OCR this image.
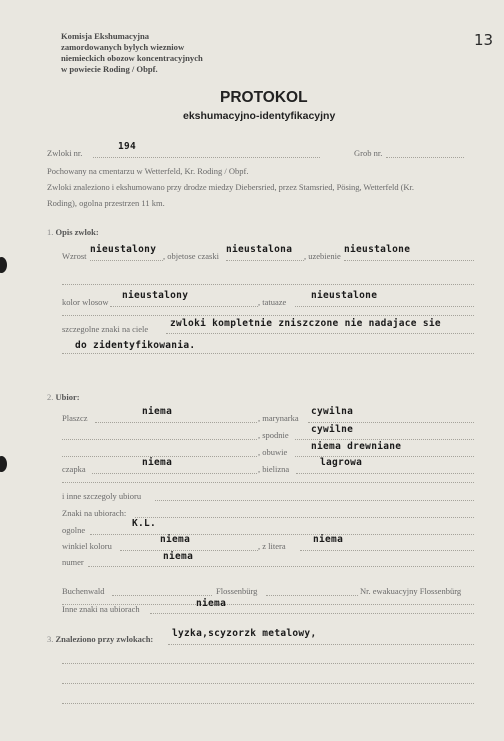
Komisja Ekshumacyjna
zamordowanych bylych wiezniow
niemieckich obozow koncentracyjnych
w powiecie Roding / Obpf.
13
PROTOKOL
ekshumacyjno-identyfikacyjny
Zwloki nr.
194
Grob nr.
Pochowany na cmentarzu w Wetterfeld, Kr. Roding / Obpf.
Zwloki znaleziono i ekshumowano przy drodze miedzy Diebersried, przez Stamsried, Pösing, Wetterfeld (Kr.
Roding), ogolna przestrzen 11 km.
1. Opis zwlok:
Wzrost
nieustalony
, objetose czaski
nieustalona
, uzebienie
nieustalone
kolor wlosow
nieustalony
, tatuaze
nieustalone
szczegolne znaki na ciele zwloki kompletnie zniszczone nie nadajace sie
do zidentyfikowania.
2. Ubior:
Plaszcz
niema
, marynarka
cywilna
, spodnie cywilne
, obuwie niema drewniane
czapka
niema
, bielizna
lagrowa
i inne szczegoly ubioru
Znaki na ubiorach:
ogolne
K.L.
winkiel koloru
niema
, z litera
niema
numer	niema
Buchenwald	Flossenbürg	Nr. ewakuacyjny Flossenbürg
Inne znaki na ubiorach	niema
3. Znaleziono przy zwlokach: lyzka,scyzorzk metalowy,
